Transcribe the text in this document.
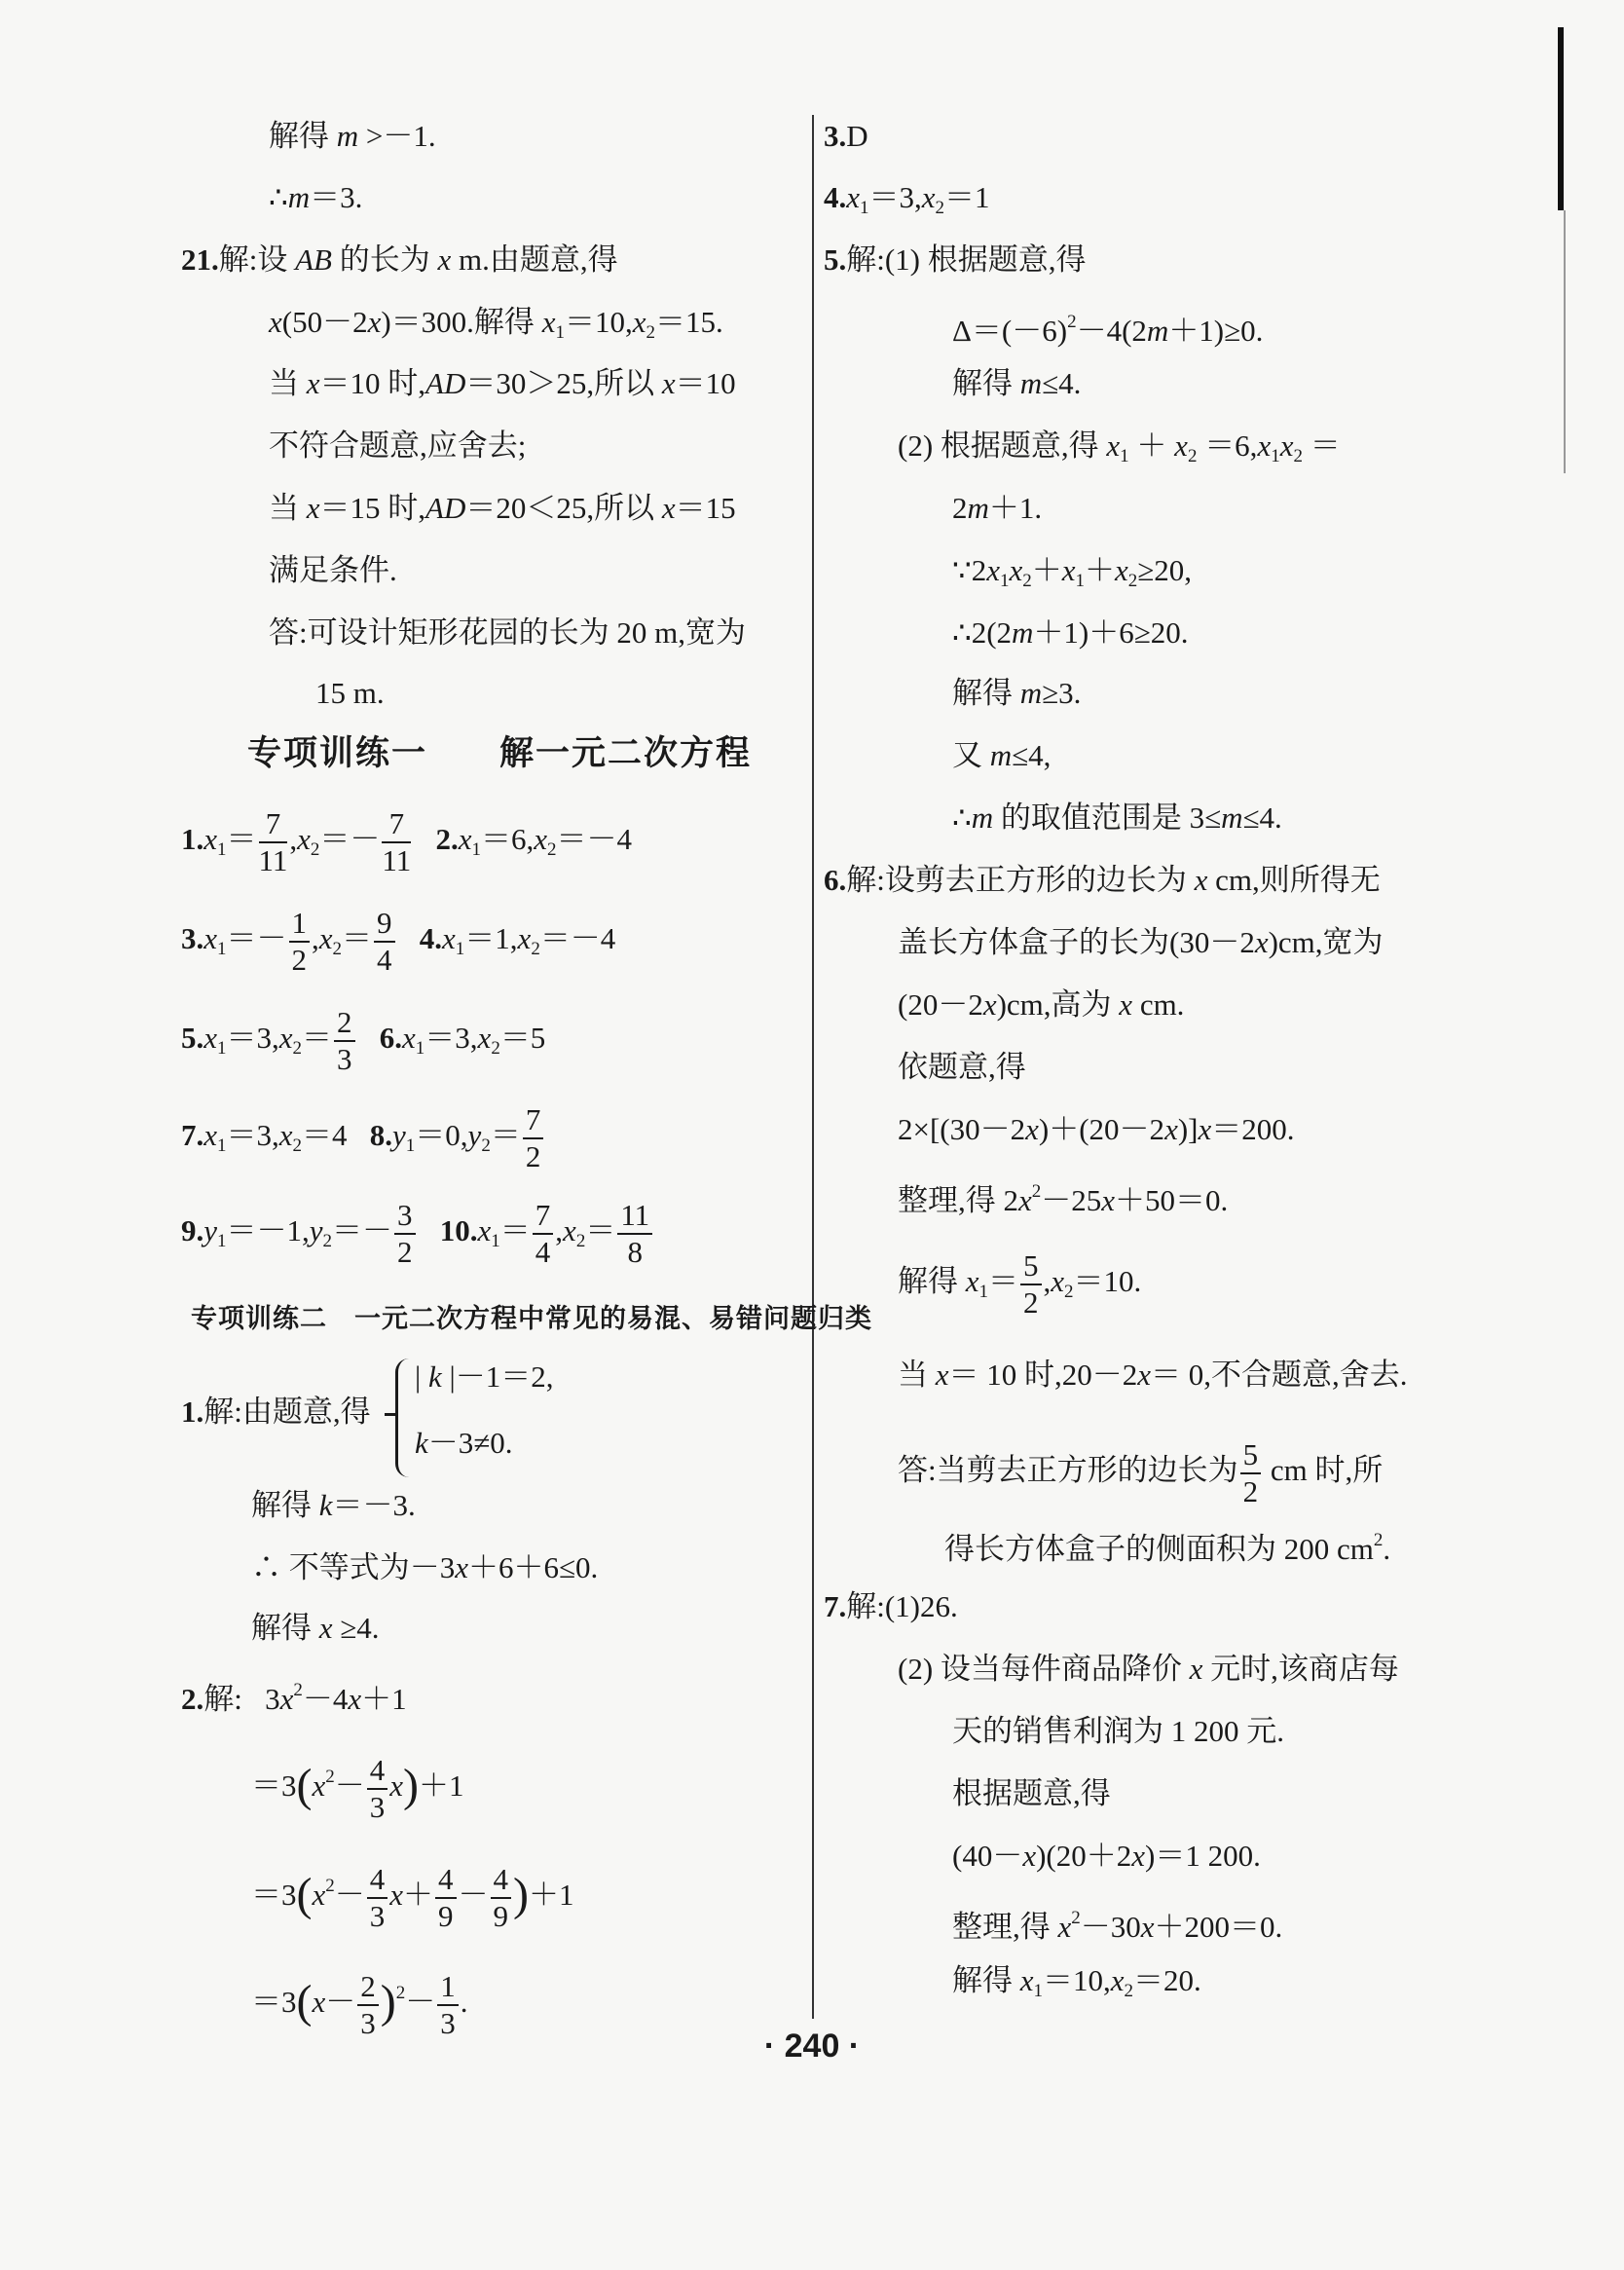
解得 m >－1.
∴m＝3.
21.解:设 AB 的长为 x m.由题意,得
x(50－2x)＝300.解得 $x_1=10,x_2=15$.
当 x＝10 时,AD＝30＞25,所以 x＝10
不符合题意,应舍去;
当 x＝15 时,AD＝20＜25,所以 x＝15
满足条件.
答:可设计矩形花园的长为 20 m,宽为
15 m.
专项训练一　　解一元二次方程
$1.x_1= \frac{7}{11} ,x_2=- \frac{7}{11} 2.x_1=6,x_2=-4$
$3.x_1=- \frac{1}{2} ,x_2= \frac{9}{4} 4.x_1=1,x_2=-4$
$5.x_1=3,x_2= \frac{2}{3} 6.x_1=3,x_2=5$
$7.x_1=3,x_2=4$   $8.y_1=0,y_2= \frac{7}{2}$
$9.y_1=-1,y_2=- \frac{3}{2} 10.x_1= \frac{7}{4} ,x_2= \frac{11}{8}$
专项训练二　一元二次方程中常见的易混、易错问题归类
| k |－1＝2,
1.解:由题意,得
k－3≠0.
解得 k＝－3.
∴ 不等式为－3x＋6＋6≤0.
解得 x ≥4.
2.解:   $3x^2-4x+1$
$=3(x^2- \frac{4}{3} x)+1$
$=3(x^2- \frac{4}{3} x+ \frac{4}{9} - \frac{4}{9} )+1$
$=3(x- \frac{2}{3} )^2- \frac{1}{3}$ .
3.D
$4.x_1=3,x_2=1$
5.解:(1) 根据题意,得
$\Delta=(-6)^2-4(2m+1)\ge 0$.
解得 m≤4.
(2) 根据题意,得 $x_1 + x_2 =6,x_1x_2$ ＝
2m＋1.
$\because 2x_1x_2+x_1+x_2\ge 20$,
∴2(2m＋1)＋6≥20.
解得 m≥3.
又 m≤4,
∴m 的取值范围是 3≤m≤4.
6.解:设剪去正方形的边长为 x cm,则所得无
盖长方体盒子的长为(30－2x)cm,宽为
(20－2x)cm,高为 x cm.
依题意,得
2×[(30－2x)＋(20－2x)]x＝200.
整理,得 $2x^2-25x+50=0$.
解得 $x_1= \frac{5}{2} ,x_2=10$.
当 x＝ 10 时,20－2x＝ 0,不合题意,舍去.
答:当剪去正方形的边长为 $\frac{5}{2}$ cm 时,所
得长方体盒子的侧面积为 200 $cm^2$.
7.解:(1)26.
(2) 设当每件商品降价 x 元时,该商店每
天的销售利润为 1 200 元.
根据题意,得
(40－x)(20＋2x)＝1 200.
整理,得 $x^2-30x+200=0$.
解得 $x_1=10,x_2=20$.
· 240 ·
